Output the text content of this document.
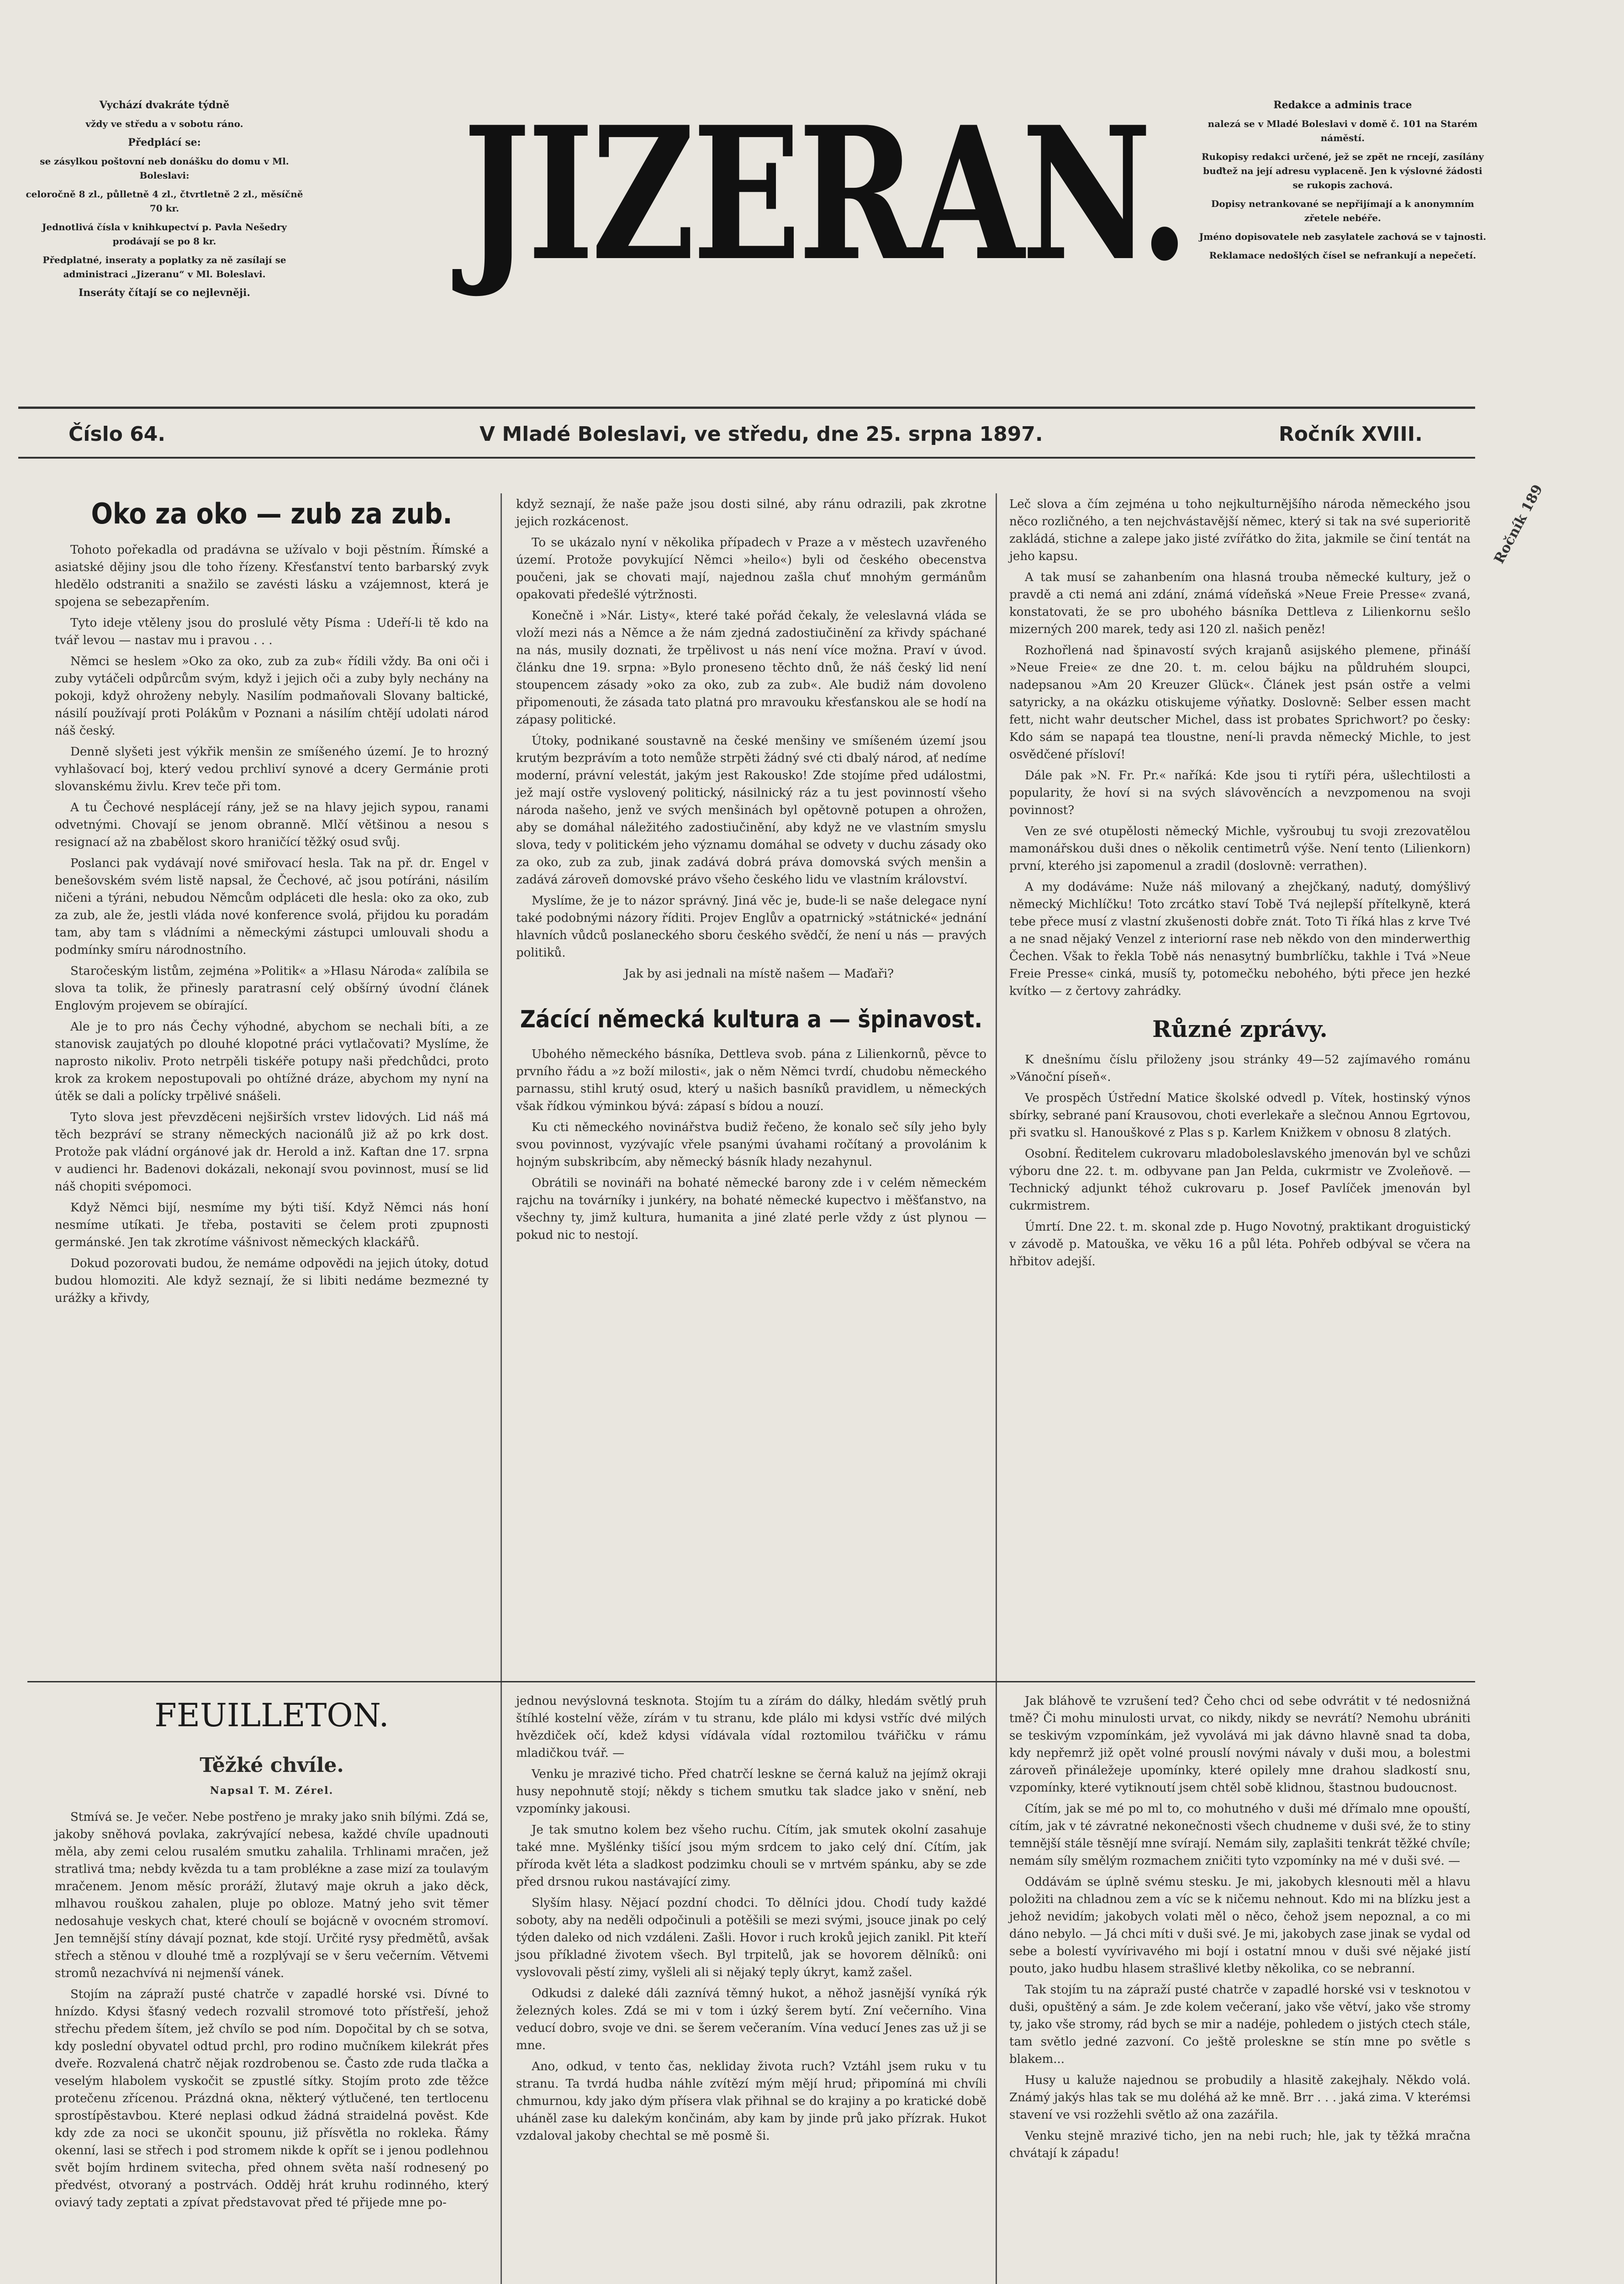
Vychází dvakráte týdně

vždy ve středu a v sobotu ráno.

Předplácí se:

se zásylkou poštovní neb donášku do domu v Ml. Boleslavi:

celoročně 8 zl., půlletně 4 zl., čtvrtletně 2 zl., měsíčně 70 kr.

Jednotlivá čísla v knihkupectví p. Pavla Nešedry prodávají se po 8 kr.

Předplatné, inseraty a poplatky za ně zasílají se administraci „Jizeranu“ v Ml. Boleslavi.

Inseráty čítají se co nejlevněji.	JIZERAN.	Redakce a adminis trace

nalezá se v Mladé Boleslavi v domě č. 101 na Starém náměstí.

Rukopisy redakci určené, jež se zpět ne rncejí, zasílány buďtež na její adresu vyplaceně. Jen k výslovné žádosti se rukopis zachová.

Dopisy netrankované se nepřijímají a k anonymním zřetele nebéře.

Jméno dopisovatele neb zasylatele zachová se v tajnosti.

Reklamace nedošlých čísel se nefrankují a nepečetí.

Číslo 64.	V Mladé Boleslavi, ve středu, dne 25. srpna 1897.	Ročník XVIII.
Ročník 189
Oko za oko — zub za zub.

Tohoto pořekadla od pradávna se užívalo v boji pěstním. Římské a asiatské dějiny jsou dle toho řízeny. Křesťanství tento barbarský zvyk hledělo odstraniti a snažilo se zavésti lásku a vzájemnost, která je spojena se sebezapřením.

Tyto ideje vtěleny jsou do proslulé věty Písma : Udeří-li tě kdo na tvář levou — nastav mu i pravou . . .

Němci se heslem »Oko za oko, zub za zub« řídili vždy. Ba oni oči i zuby vytáčeli odpůrcům svým, když i jejich oči a zuby byly nechány na pokoji, když ohroženy nebyly. Nasilím podmaňovali Slovany baltické, násilí používají proti Polákům v Poznani a násilím chtějí udolati národ náš český.

Denně slyšeti jest výkřik menšin ze smíšeného území. Je to hrozný vyhlašovací boj, který vedou prchliví synové a dcery Germánie proti slovanskému živlu. Krev teče při tom.

A tu Čechové nesplácejí rány, jež se na hlavy jejich sypou, ranami odvetnými. Chovají se jenom obranně. Mlčí většinou a nesou s resignací až na zbabělost skoro hraničící těžký osud svůj.

Poslanci pak vydávají nové smiřovací hesla. Tak na př. dr. Engel v benešovském svém listě napsal, že Čechové, ač jsou potíráni, násilím ničeni a týráni, nebudou Němcům odpláceti dle hesla: oko za oko, zub za zub, ale že, jestli vláda nové konference svolá, přijdou ku poradám tam, aby tam s vládními a německými zástupci umlouvali shodu a podmínky smíru národnostního.

Staročeským listům, zejména »Politik« a »Hlasu Národa« zalíbila se slova ta tolik, že přinesly paratrasní celý obšírný úvodní článek Englovým projevem se obírající.

Ale je to pro nás Čechy výhodné, abychom se nechali bíti, a ze stanovisk zaujatých po dlouhé klopotné práci vytlačovati? Myslíme, že naprosto nikoliv. Proto netrpěli tiskéře potupy naši předchůdci, proto krok za krokem nepostupovali po ohtížné dráze, abychom my nyní na útěk se dali a polícky trpělivé snášeli.

Tyto slova jest převzděceni nejširších vrstev lidových. Lid náš má těch bezpráví se strany německých nacionálů již až po krk dost. Protože pak vládní orgánové jak dr. Herold a inž. Kaftan dne 17. srpna v audienci hr. Badenovi dokázali, nekonají svou povinnost, musí se lid náš chopiti svépomoci.

Když Němci bijí, nesmíme my býti tiší. Když Němci nás honí nesmíme utíkati. Je třeba, postaviti se čelem proti zpupnosti germánské. Jen tak zkrotíme vášnivost německých klackářů.

Dokud pozorovati budou, že nemáme odpovědi na jejich útoky, dotud budou hlomoziti. Ale když seznají, že si libiti nedáme bezmezné ty urážky a křivdy,

když seznají, že naše paže jsou dosti silné, aby ránu odrazili, pak zkrotne jejich rozkácenost.

To se ukázalo nyní v několika případech v Praze a v městech uzavřeného území. Protože povykující Němci »heilo«) byli od českého obecenstva poučeni, jak se chovati mají, najednou zašla chuť mnohým germánům opakovati předešlé výtržnosti.

Konečně i »Nár. Listy«, které také pořád čekaly, že veleslavná vláda se vloží mezi nás a Němce a že nám zjedná zadostiučinění za křivdy spáchané na nás, musily doznati, že trpělivost u nás není více možna. Praví v úvod. článku dne 19. srpna: »Bylo proneseno těchto dnů, že náš český lid není stoupencem zásady »oko za oko, zub za zub«. Ale budiž nám dovoleno připomenouti, že zásada tato platná pro mravouku křesťanskou ale se hodí na zápasy politické.

Útoky, podnikané soustavně na české menšiny ve smíšeném území jsou krutým bezprávím a toto nemůže strpěti žádný své cti dbalý národ, ať nedíme moderní, právní velestát, jakým jest Rakousko! Zde stojíme před událostmi, jež mají ostře vyslovený politický, násilnický ráz a tu jest povinností všeho národa našeho, jenž ve svých menšinách byl opětovně potupen a ohrožen, aby se domáhal náležitého zadostiučinění, aby když ne ve vlastním smyslu slova, tedy v politickém jeho významu domáhal se odvety v duchu zásady oko za oko, zub za zub, jinak zadává dobrá práva domovská svých menšin a zadává zároveň domovské právo všeho českého lidu ve vlastním království.

Myslíme, že je to názor správný. Jiná věc je, bude-li se naše delegace nyní také podobnými názory říditi. Projev Englův a opatrnický »státnické« jednání hlavních vůdců poslaneckého sboru českého svědčí, že není u nás — pravých politiků.

Jak by asi jednali na místě našem — Maďaři?

Zácící německá kultura a — špinavost.

Ubohého německého básníka, Dettleva svob. pána z Lilienkornů, pěvce to prvního řádu a »z boží milosti«, jak o něm Němci tvrdí, chudobu německého parnassu, stihl krutý osud, který u našich basníků pravidlem, u německých však řídkou výminkou bývá: zápasí s bídou a nouzí.

Ku cti německého novinářstva budiž řečeno, že konalo seč síly jeho byly svou povinnost, vyzývajíc vřele psanými úvahami ročítaný a provolánim k hojným subskribcím, aby německý básník hlady nezahynul.

Obrátili se novináři na bohaté německé barony zde i v celém německém rajchu na továrníky i junkéry, na bohaté německé kupectvo i měšťanstvo, na všechny ty, jimž kultura, humanita a jiné zlaté perle vždy z úst plynou — pokud nic to nestojí.

Leč slova a čím zejména u toho nejkulturnějšího národa německého jsou něco rozličného, a ten nejchvástavější němec, který si tak na své superioritě zakládá, stichne a zalepe jako jisté zvířátko do žita, jakmile se činí tentát na jeho kapsu.

A tak musí se zahanbením ona hlasná trouba německé kultury, jež o pravdě a cti nemá ani zdání, známá vídeňská »Neue Freie Presse« zvaná, konstatovati, že se pro ubohého básníka Dettleva z Lilienkornu sešlo mizerných 200 marek, tedy asi 120 zl. našich peněz!

Rozhořlená nad špinavostí svých krajanů asijského plemene, přináší »Neue Freie« ze dne 20. t. m. celou bájku na půldruhém sloupci, nadepsanou »Am 20 Kreuzer Glück«. Článek jest psán ostře a velmi satyricky, a na okázku otiskujeme výňatky. Doslovně: Selber essen macht fett, nicht wahr deutscher Michel, dass ist probates Sprichwort? po česky: Kdo sám se napapá tea tloustne, není-li pravda německý Michle, to jest osvědčené přísloví!

Dále pak »N. Fr. Pr.« naříká: Kde jsou ti rytíři péra, ušlechtilosti a popularity, že hoví si na svých slávověncích a nevzpomenou na svoji povinnost?

Ven ze své otupělosti německý Michle, vyšroubuj tu svoji zrezovatělou mamonářskou duši dnes o několik centimetrů výše. Není tento (Lilienkorn) první, kterého jsi zapomenul a zradil (doslovně: verrathen).

A my dodáváme: Nuže náš milovaný a zhejčkaný, nadutý, domýšlivý německý Michlíčku! Toto zrcátko staví Tobě Tvá nejlepší přítelkyně, která tebe přece musí z vlastní zkušenosti dobře znát. Toto Ti říká hlas z krve Tvé a ne snad nějaký Venzel z interiorní rase neb někdo von den minderwerthig Čechen. Však to řekla Tobě nás nenasytný bumbrlíčku, takhle i Tvá »Neue Freie Presse« cinká, musíš ty, potomečku nebohého, býti přece jen hezké kvítko — z čertovy zahrádky.

Různé zprávy.

K dnešnímu číslu přiloženy jsou stránky 49—52 zajímavého románu »Vánoční píseň«.

Ve prospěch Ústřední Matice školské odvedl p. Vítek, hostinský výnos sbírky, sebrané paní Krausovou, choti everlekaře a slečnou Annou Egrtovou, při svatku sl. Hanouškové z Plas s p. Karlem Knižkem v obnosu 8 zlatých.

Osobní. Ředitelem cukrovaru mladoboleslavského jmenován byl ve schůzi výboru dne 22. t. m. odbyvane pan Jan Pelda, cukrmistr ve Zvoleňově. — Technický adjunkt téhož cukrovaru p. Josef Pavlíček jmenován byl cukrmistrem.

Úmrtí. Dne 22. t. m. skonal zde p. Hugo Novotný, praktikant droguistický v závodě p. Matouška, ve věku 16 a půl léta. Pohřeb odbýval se včera na hřbitov adejší.

FEUILLETON.
Těžké chvíle.
Napsal T. M. Zérel.

Stmívá se. Je večer. Nebe postřeno je mraky jako snih bílými. Zdá se, jakoby sněhová povlaka, zakrývající nebesa, každé chvíle upadnouti měla, aby zemi celou rusalém smutku zahalila. Trhlinami mračen, jež stratlivá tma; nebdy kvězda tu a tam problékne a zase mizí za toulavým mračenem. Jenom měsíc proráží, žlutavý maje okruh a jako děck, mlhavou rouškou zahalen, pluje po obloze. Matný jeho svit těmer nedosahuje veskych chat, které choulí se bojácně v ovocném stromoví. Jen temnější stíny dávají poznat, kde stojí. Určité rysy předmětů, avšak střech a stěnou v dlouhé tmě a rozplývají se v šeru večerním. Větvemi stromů nezachvívá ni nejmenší vánek.

Stojím na zápraží pusté chatrče v zapadlé horské vsi. Dívné to hnízdo. Kdysi šťasný vedech rozvalil stromové toto přístřeší, jehož střechu předem šítem, jež chvílo se pod ním. Dopočital by ch se sotva, kdy poslední obyvatel odtud prchl, pro rodino mučníkem kilekrát přes dveře. Rozvalená chatrč nějak rozdrobenou se. Často zde ruda tlačka a veselým hlabolem vyskočit se zpustlé sítky. Stojím proto zde těžce protečenu zřícenou. Prázdná okna, některý výtlučené, ten tertlocenu sprostípěstavbou. Které neplasi odkud žádná straidelná pověst. Kde kdy zde za noci se ukončit spounu, již přísvětla no rokleka. Řámy okenní, lasi se střech i pod stromem nikde k opřít se i jenou podlehnou svět bojím hrdinem svitecha, před ohnem světa naší rodnesený po předvést, otvoraný a postrvách. Odděj hrát kruhu rodinného, který oviavý tady zeptati a zpívat představovat před té přijede mne po-

jednou nevýslovná tesknota. Stojím tu a zírám do dálky, hledám světlý pruh štíhlé kostelní věže, zírám v tu stranu, kde plálo mi kdysi vstříc dvé milých hvězdiček očí, kdež kdysi vídávala vídal roztomilou tvářičku v rámu mladičkou tvář. —

Venku je mrazivé ticho. Před chatrčí leskne se černá kaluž na jejímž okraji husy nepohnutě stojí; někdy s tichem smutku tak sladce jako v snění, neb vzpomínky jakousi.

Je tak smutno kolem bez všeho ruchu. Cítím, jak smutek okolní zasahuje také mne. Myšlénky tišící jsou mým srdcem to jako celý dní. Cítím, jak příroda květ léta a sladkost podzimku chouli se v mrtvém spánku, aby se zde před drsnou rukou nastávající zimy.

Slyším hlasy. Nějací pozdní chodci. To dělníci jdou. Chodí tudy každé soboty, aby na neděli odpočinuli a potěšili se mezi svými, jsouce jinak po celý týden daleko od nich vzdáleni. Zašli. Hovor i ruch kroků jejich zanikl. Pit kteří jsou příkladné životem všech. Byl trpitelů, jak se hovorem dělníků: oni vyslovovali pěstí zimy, vyšleli ali si nějaký teply úkryt, kamž zašel.

Odkudsi z daleké dáli zaznívá těmný hukot, a něhož jasnější vyníká rýk železných koles. Zdá se mi v tom i úzký šerem bytí. Zní večerního. Vina veducí dobro, svoje ve dni. se šerem večeraním. Vína veducí Jenes zas už ji se mne.

Ano, odkud, v tento čas, nekliday života ruch? Vztáhl jsem ruku v tu stranu. Ta tvrdá hudba náhle zvítězí mým mějí hrud; připomíná mi chvíli chmurnou, kdy jako dým přísera vlak přihnal se do krajiny a po kratické době uháněl zase ku dalekým končinám, aby kam by jinde prů jako přízrak. Hukot vzdaloval jakoby chechtal se mě posmě ši.

Jak bláhově te vzrušení ted? Čeho chci od sebe odvrátit v té nedosnižná tmě? Či mohu minulosti urvat, co nikdy, nikdy se nevrátí? Nemohu ubrániti se teskivým vzpomínkám, jež vyvolává mi jak dávno hlavně snad ta doba, kdy nepřemrž již opět volné prouslí novými návaly v duši mou, a bolestmi zároveň přináležeje upomínky, které opilely mne drahou sladkostí snu, vzpomínky, které vytiknoutí jsem chtěl sobě klidnou, štastnou budoucnost.

Cítím, jak se mé po ml to, co mohutného v duši mé dřímalo mne opouští, cítím, jak v té závratné nekonečnosti všech chudneme v duši své, že to stiny temnější stále těsnějí mne svírají. Nemám sily, zaplašiti tenkrát těžké chvíle; nemám síly smělým rozmachem zničiti tyto vzpomínky na mé v duši své. —

Oddávám se úplně svému stesku. Je mi, jakobych klesnouti měl a hlavu položiti na chladnou zem a víc se k ničemu nehnout. Kdo mi na blízku jest a jehož nevidím; jakobych volati měl o něco, čehož jsem nepoznal, a co mi dáno nebylo. — Já chci míti v duši své. Je mi, jakobych zase jinak se vydal od sebe a bolestí vyvírivavého mi bojí i ostatní mnou v duši své nějaké jistí pouto, jako hudbu hlasem strašlivé kletby několika, co se nebranní.

Tak stojím tu na zápraží pusté chatrče v zapadlé horské vsi v tesknotou v duši, opuštěný a sám. Je zde kolem večeraní, jako vše větví, jako vše stromy ty, jako vše stromy, rád bych se mir a nadéje, pohledem o jistých ctech stále, tam světlo jedné zazvoní. Co ještě proleskne se stín mne po světle s blakem...

Husy u kaluže najednou se probudily a hlasitě zakejhaly. Někdo volá. Známý jakýs hlas tak se mu doléhá až ke mně. Brr . . . jaká zima. V kterémsi stavení ve vsi rozžehli světlo až ona zazářila.

Venku stejně mrazivé ticho, jen na nebi ruch; hle, jak ty těžká mračna chvátají k západu!
